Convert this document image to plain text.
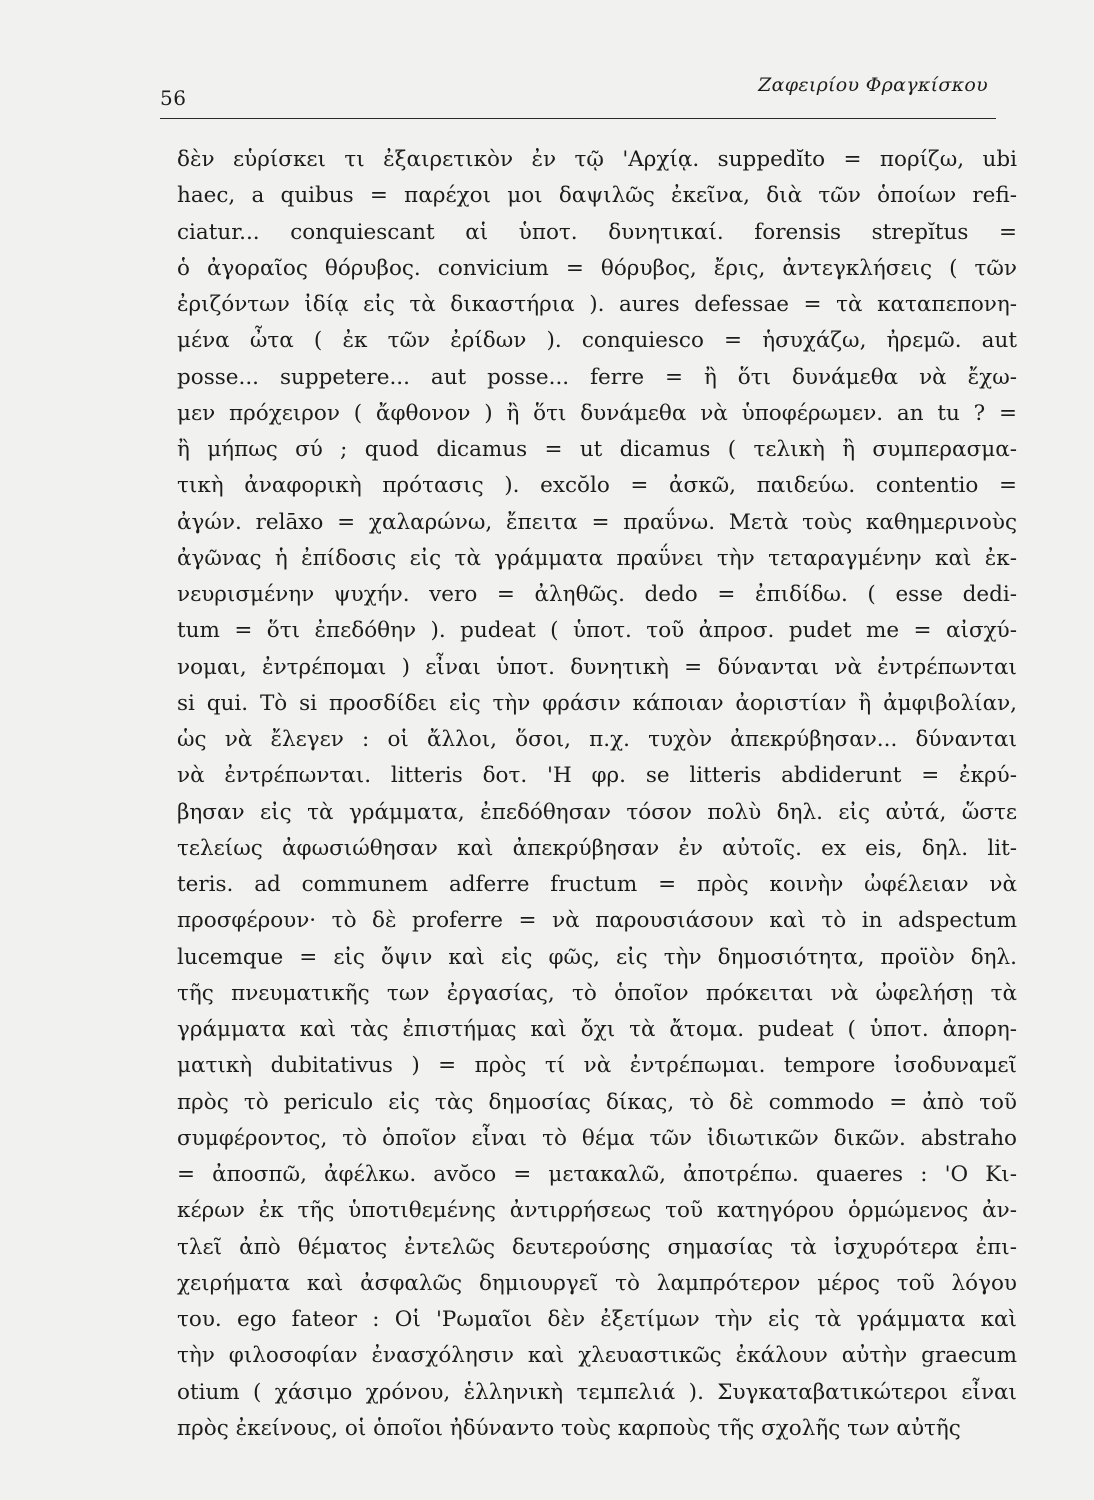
56
Ζαφειρίου Φραγκίσκου
δὲν εὑρίσκει τι ἐξαιρετικὸν ἐν τῷ 'Αρχίᾳ. suppedĭto = πορίζω, ubi
haec, a quibus = παρέχοι μοι δαψιλῶς ἐκεῖνα, διὰ τῶν ὁποίων refi-
ciatur... conquiescant αἱ ὑποτ. δυνητικαί. forensis strepĭtus =
ὁ ἀγοραῖος θόρυβος. convicium = θόρυβος, ἔρις, ἀντεγκλήσεις ( τῶν
ἐριζόντων ἰδίᾳ εἰς τὰ δικαστήρια ). aures defessae = τὰ καταπεπονη-
μένα ὦτα ( ἐκ τῶν ἐρίδων ). conquiesco = ἡσυχάζω, ἠρεμῶ. aut
posse... suppetere... aut posse... ferre = ἢ ὅτι δυνάμεθα νὰ ἔχω-
μεν πρόχειρον ( ἄφθονον ) ἢ ὅτι δυνάμεθα νὰ ὑποφέρωμεν. an tu ? =
ἢ μήπως σύ ; quod dicamus = ut dicamus ( τελικὴ ἢ συμπερασμα-
τικὴ ἀναφορικὴ πρότασις ). excŏlo = ἀσκῶ, παιδεύω. contentio =
ἀγών. relāxo = χαλαρώνω, ἔπειτα = πραΰνω. Μετὰ τοὺς καθημερινοὺς
ἀγῶνας ἡ ἐπίδοσις εἰς τὰ γράμματα πραΰνει τὴν τεταραγμένην καὶ ἐκ-
νευρισμένην ψυχήν. vero = ἀληθῶς. dedo = ἐπιδίδω. ( esse dedi-
tum = ὅτι ἐπεδόθην ). pudeat ( ὑποτ. τοῦ ἀπροσ. pudet me = αἰσχύ-
νομαι, ἐντρέπομαι ) εἶναι ὑποτ. δυνητικὴ = δύνανται νὰ ἐντρέπωνται
si qui. Τὸ si προσδίδει εἰς τὴν φράσιν κάποιαν ἀοριστίαν ἢ ἀμφιβολίαν,
ὡς νὰ ἔλεγεν : οἱ ἄλλοι, ὅσοι, π.χ. τυχὸν ἀπεκρύβησαν... δύνανται
νὰ ἐντρέπωνται. litteris δοτ. 'Η φρ. se litteris abdiderunt = ἐκρύ-
βησαν εἰς τὰ γράμματα, ἐπεδόθησαν τόσον πολὺ δηλ. εἰς αὐτά, ὥστε
τελείως ἀφωσιώθησαν καὶ ἀπεκρύβησαν ἐν αὐτοῖς. ex eis, δηλ. lit-
teris. ad communem adferre fructum = πρὸς κοινὴν ὠφέλειαν νὰ
προσφέρουν· τὸ δὲ proferre = νὰ παρουσιάσουν καὶ τὸ in adspectum
lucemque = εἰς ὄψιν καὶ εἰς φῶς, εἰς τὴν δημοσιότητα, προϊὸν δηλ.
τῆς πνευματικῆς των ἐργασίας, τὸ ὁποῖον πρόκειται νὰ ὠφελήσῃ τὰ
γράμματα καὶ τὰς ἐπιστήμας καὶ ὄχι τὰ ἄτομα. pudeat ( ὑποτ. ἀπορη-
ματικὴ dubitativus ) = πρὸς τί νὰ ἐντρέπωμαι. tempore ἰσοδυναμεῖ
πρὸς τὸ periculo εἰς τὰς δημοσίας δίκας, τὸ δὲ commodo = ἀπὸ τοῦ
συμφέροντος, τὸ ὁποῖον εἶναι τὸ θέμα τῶν ἰδιωτικῶν δικῶν. abstraho
= ἀποσπῶ, ἀφέλκω. avŏco = μετακαλῶ, ἀποτρέπω. quaeres : 'Ο Κι-
κέρων ἐκ τῆς ὑποτιθεμένης ἀντιρρήσεως τοῦ κατηγόρου ὁρμώμενος ἀν-
τλεῖ ἀπὸ θέματος ἐντελῶς δευτερούσης σημασίας τὰ ἰσχυρότερα ἐπι-
χειρήματα καὶ ἀσφαλῶς δημιουργεῖ τὸ λαμπρότερον μέρος τοῦ λόγου
του. ego fateor : Οἱ 'Ρωμαῖοι δὲν ἐξετίμων τὴν εἰς τὰ γράμματα καὶ
τὴν φιλοσοφίαν ἐνασχόλησιν καὶ χλευαστικῶς ἐκάλουν αὐτὴν graecum
otium ( χάσιμο χρόνου, ἑλληνικὴ τεμπελιά ). Συγκαταβατικώτεροι εἶναι
πρὸς ἐκείνους, οἱ ὁποῖοι ἠδύναντο τοὺς καρποὺς τῆς σχολῆς των αὐτῆς
